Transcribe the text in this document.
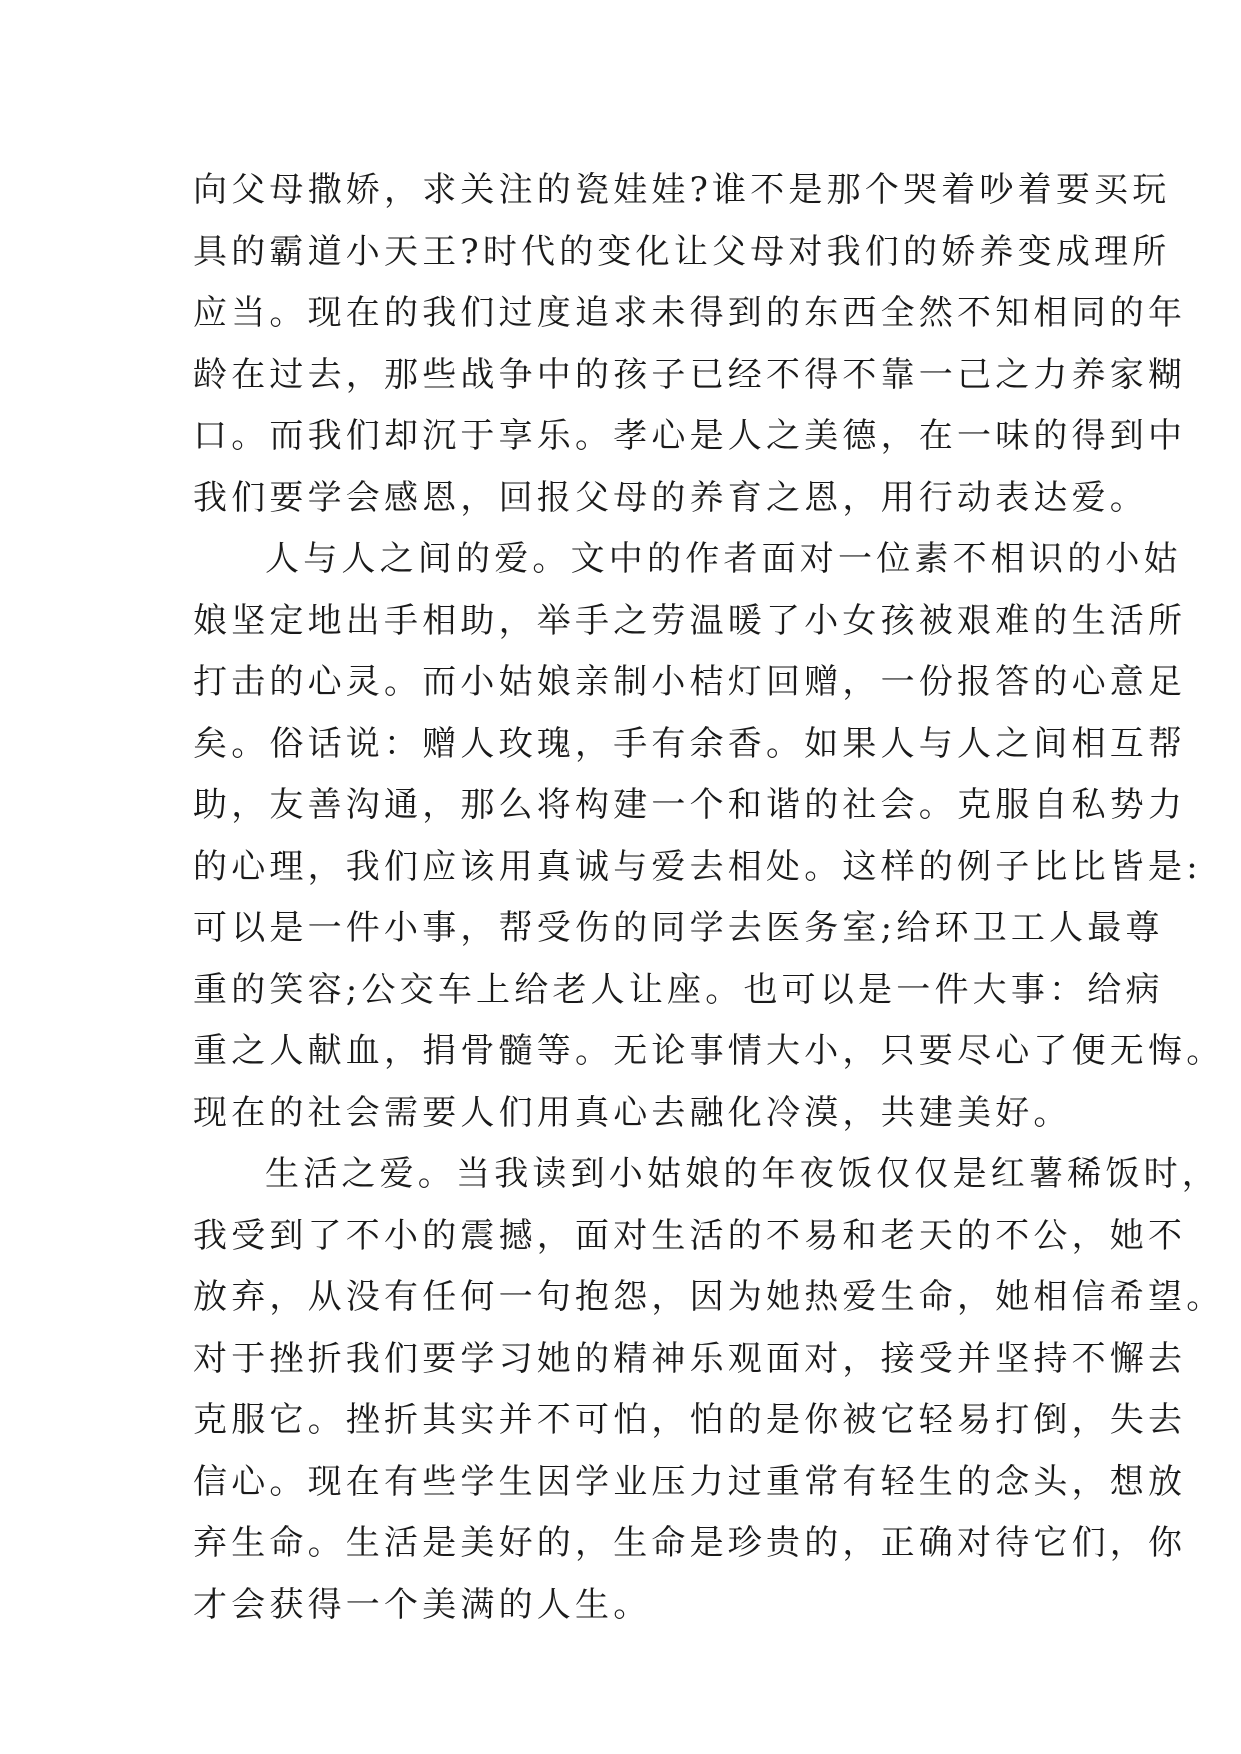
向父母撒娇，求关注的瓷娃娃?谁不是那个哭着吵着要买玩
具的霸道小天王?时代的变化让父母对我们的娇养变成理所
应当。现在的我们过度追求未得到的东西全然不知相同的年
龄在过去，那些战争中的孩子已经不得不靠一己之力养家糊
口。而我们却沉于享乐。孝心是人之美德，在一味的得到中
我们要学会感恩，回报父母的养育之恩，用行动表达爱。
人与人之间的爱。文中的作者面对一位素不相识的小姑
娘坚定地出手相助，举手之劳温暖了小女孩被艰难的生活所
打击的心灵。而小姑娘亲制小桔灯回赠，一份报答的心意足
矣。俗话说：赠人玫瑰，手有余香。如果人与人之间相互帮
助，友善沟通，那么将构建一个和谐的社会。克服自私势力
的心理，我们应该用真诚与爱去相处。这样的例子比比皆是:
可以是一件小事，帮受伤的同学去医务室;给环卫工人最尊
重的笑容;公交车上给老人让座。也可以是一件大事：给病
重之人献血，捐骨髓等。无论事情大小，只要尽心了便无悔。
现在的社会需要人们用真心去融化冷漠，共建美好。
生活之爱。当我读到小姑娘的年夜饭仅仅是红薯稀饭时，
我受到了不小的震撼，面对生活的不易和老天的不公，她不
放弃，从没有任何一句抱怨，因为她热爱生命，她相信希望。
对于挫折我们要学习她的精神乐观面对，接受并坚持不懈去
克服它。挫折其实并不可怕，怕的是你被它轻易打倒，失去
信心。现在有些学生因学业压力过重常有轻生的念头，想放
弃生命。生活是美好的，生命是珍贵的，正确对待它们，你
才会获得一个美满的人生。
